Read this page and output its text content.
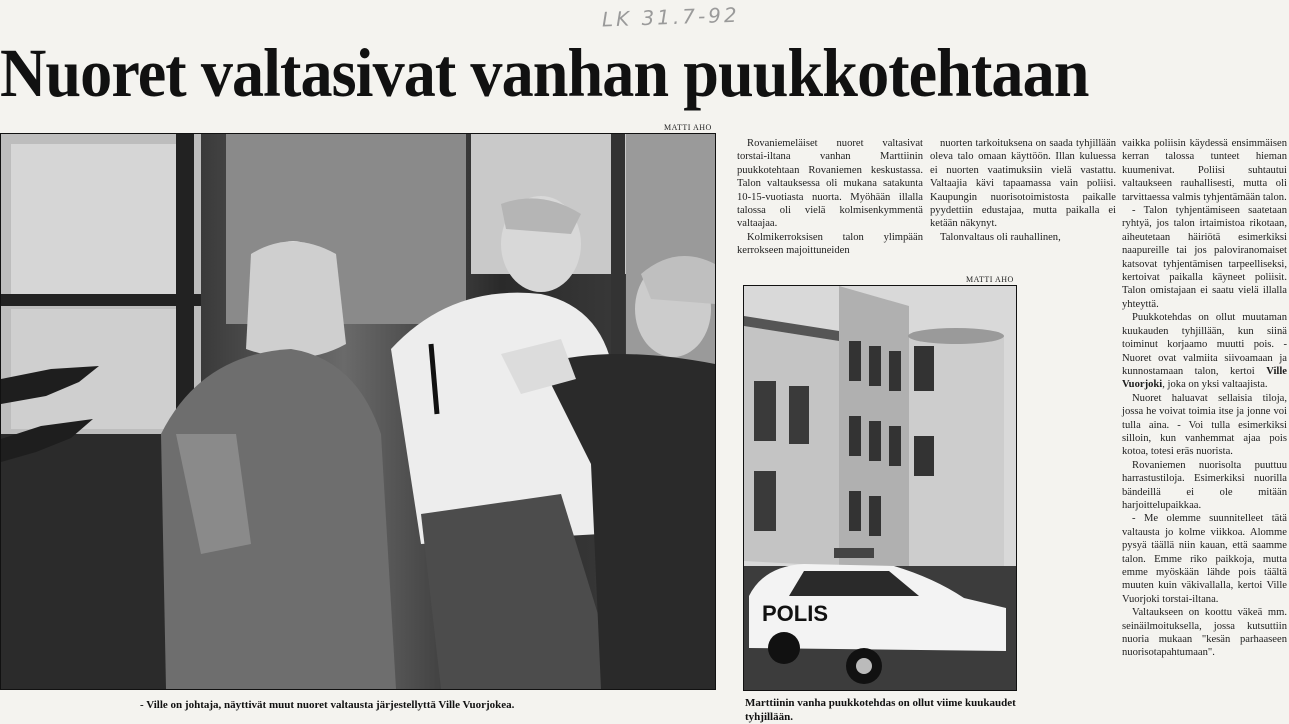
LK 31.7-92
Nuoret valtasivat vanhan puukkotehtaan
MATTI AHO
- Ville on johtaja, näyttivät muut nuoret valtausta järjestellyttä Ville Vuorjokea.

Rovaniemeläiset nuoret valtasivat torstai-iltana vanhan Marttiinin puukkotehtaan Rovaniemen keskustassa. Talon valtauksessa oli mukana satakunta 10-15-vuotiasta nuorta. Myöhään illalla talossa oli vielä kolmisenkymmentä valtaajaa.

Kolmikerroksisen talon ylimpään kerrokseen majoittuneiden

nuorten tarkoituksena on saada tyhjillään oleva talo omaan käyttöön. Illan kuluessa ei nuorten vaatimuksiin vielä vastattu. Valtaajia kävi tapaamassa vain poliisi. Kaupungin nuorisotoimistosta paikalle pyydettiin edustajaa, mutta paikalla ei ketään näkynyt.

Talonvaltaus oli rauhallinen,

MATTI AHO
POLIS
Marttiinin vanha puukkotehdas on ollut viime kuukaudet tyhjillään.

vaikka poliisin käydessä ensimmäisen kerran talossa tunteet hieman kuumenivat. Poliisi suhtautui valtaukseen rauhallisesti, mutta oli tarvittaessa valmis tyhjentämään talon.

- Talon tyhjentämiseen saatetaan ryhtyä, jos talon irtaimistoa rikotaan, aiheutetaan häiriötä esimerkiksi naapureille tai jos paloviranomaiset katsovat tyhjentämisen tarpeelliseksi, kertoivat paikalla käyneet poliisit. Talon omistajaan ei saatu vielä illalla yhteyttä.

Puukkotehdas on ollut muutaman kuukauden tyhjillään, kun siinä toiminut korjaamo muutti pois. - Nuoret ovat valmiita siivoamaan ja kunnostamaan talon, kertoi Ville Vuorjoki, joka on yksi valtaajista.

Nuoret haluavat sellaisia tiloja, jossa he voivat toimia itse ja jonne voi tulla aina. - Voi tulla esimerkiksi silloin, kun vanhemmat ajaa pois kotoa, totesi eräs nuorista.

Rovaniemen nuorisolta puuttuu harrastustiloja. Esimerkiksi nuorilla bändeillä ei ole mitään harjoittelupaikkaa.

- Me olemme suunnitelleet tätä valtausta jo kolme viikkoa. Alomme pysyä täällä niin kauan, että saamme talon. Emme riko paikkoja, mutta emme myöskään lähde pois täältä muuten kuin väkivallalla, kertoi Ville Vuorjoki torstai-iltana.

Valtaukseen on koottu väkeä mm. seinäilmoituksella, jossa kutsuttiin nuoria mukaan "kesän parhaaseen nuorisotapahtumaan".
